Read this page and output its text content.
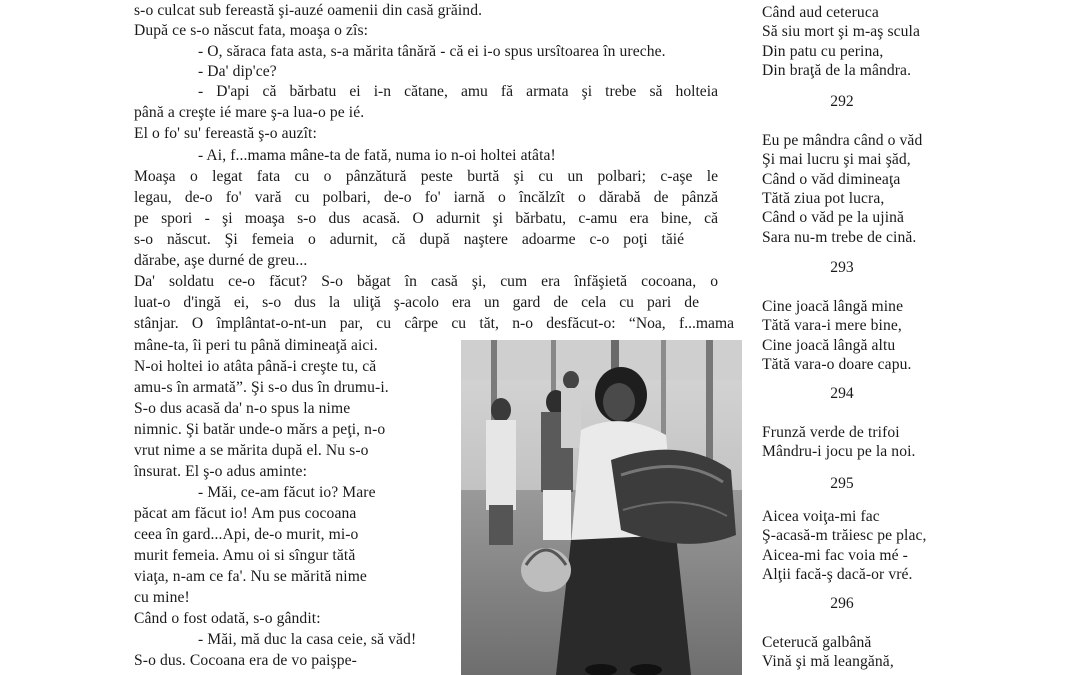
s-o culcat sub fereastă şi-auzé oamenii din casă grăind.
După ce s-o născut fata, moaşa o zîs:
- O, săraca fata asta, s-a mărita tânără - că ei i-o spus ursîtoarea în ureche.
- Da' dip'ce?
- D'api că bărbatu ei i-n cătane, amu fă armata şi trebe să holteia
până a creşte ié mare ş-a lua-o pe ié.
El o fo' su' fereastă ş-o auzît:
- Ai, f...mama mâne-ta de fată, numa io n-oi holtei atâta!
Moaşa o legat fata cu o pânzătură peste burtă şi cu un polbari; c-aşe le
legau, de-o fo' vară cu polbari, de-o fo' iarnă o încălzît o dărabă de pânză
pe spori - şi moaşa s-o dus acasă. O adurnit şi bărbatu, c-amu era bine, că
s-o născut. Şi femeia o adurnit, că după naştere adoarme c-o poţi tăié
dărabe, aşe durné de greu...
Da' soldatu ce-o făcut? S-o băgat în casă şi, cum era înfăşietă cocoana, o
luat-o d'ingă ei, s-o dus la uliţă ş-acolo era un gard de cela cu pari de
stânjar. O împlântat-o-nt-un par, cu cârpe cu tăt, n-o desfăcut-o: “Noa, f...mama
mâne-ta, îi peri tu până dimineaţă aici.
N-oi holtei io atâta până-i creşte tu, că
amu-s în armată”. Şi s-o dus în drumu-i.
S-o dus acasă da' n-o spus la nime
nimnic. Şi batăr unde-o mărs a peţi, n-o
vrut nime a se mărita după el. Nu s-o
însurat. El ş-o adus aminte:
- Măi, ce-am făcut io? Mare
păcat am făcut io! Am pus cocoana
ceea în gard...Api, de-o murit, mi-o
murit femeia. Amu oi si sîngur tătă
viaţa, n-am ce fa'. Nu se mărită nime
cu mine!
Când o fost odată, s-o gândit:
- Măi, mă duc la casa ceie, să văd!
S-o dus. Cocoana era de vo paişpe-
Când aud ceteruca
Să siu mort şi m-aş scula
Din patu cu perina,
Din braţă de la mândra.
292
Eu pe mândra când o văd
Şi mai lucru şi mai şăd,
Când o văd dimineaţa
Tătă ziua pot lucra,
Când o văd pe la ujină
Sara nu-m trebe de cină.
293
Cine joacă lângă mine
Tătă vara-i mere bine,
Cine joacă lângă altu
Tătă vara-o doare capu.
294
Frunză verde de trifoi
Mândru-i jocu pe la noi.
295
Aicea voiţa-mi fac
Ş-acasă-m trăiesc pe plac,
Aicea-mi fac voia mé -
Alţii facă-ş dacă-or vré.
296
Ceterucă galbână
Vină şi mă leangănă,
